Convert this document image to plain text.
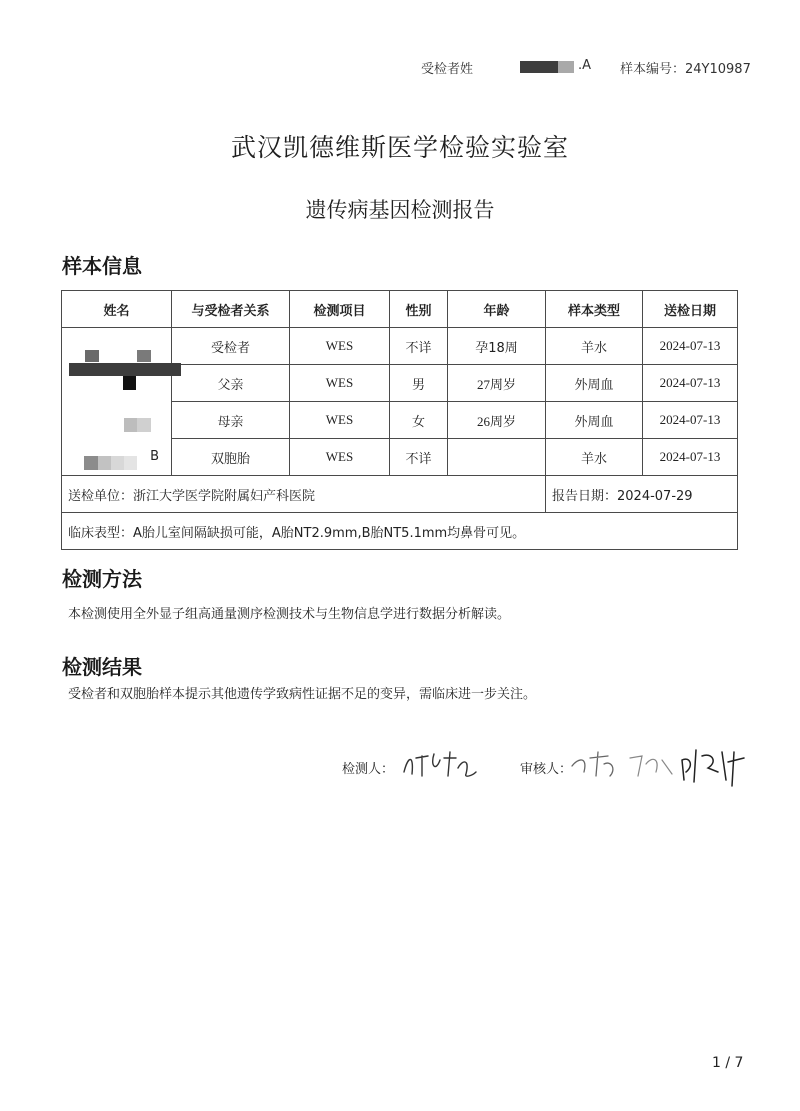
受检者姓	.A 样本编号：24Y10987
武汉凯德维斯医学检验实验室
遗传病基因检测报告
样本信息
姓名	与受检者关系	检测项目	性别	年龄	样本类型	送检日期
	受检者	WES	不详	孕18周	羊水	2024-07-13
	父亲	WES	男	27周岁	外周血	2024-07-13
	母亲	WES	女	26周岁	外周血	2024-07-13
B	双胞胎	WES	不详		羊水	2024-07-13
送检单位：浙江大学医学院附属妇产科医院					报告日期：2024-07-29	
临床表型：A胎儿室间隔缺损可能，A胎NT2.9mm,B胎NT5.1mm均鼻骨可见。						
检测方法
本检测使用全外显子组高通量测序检测技术与生物信息学进行数据分析解读。
检测结果
受检者和双胞胎样本提示其他遗传学致病性证据不足的变异，需临床进一步关注。
检测人：	审核人：
1 / 7
